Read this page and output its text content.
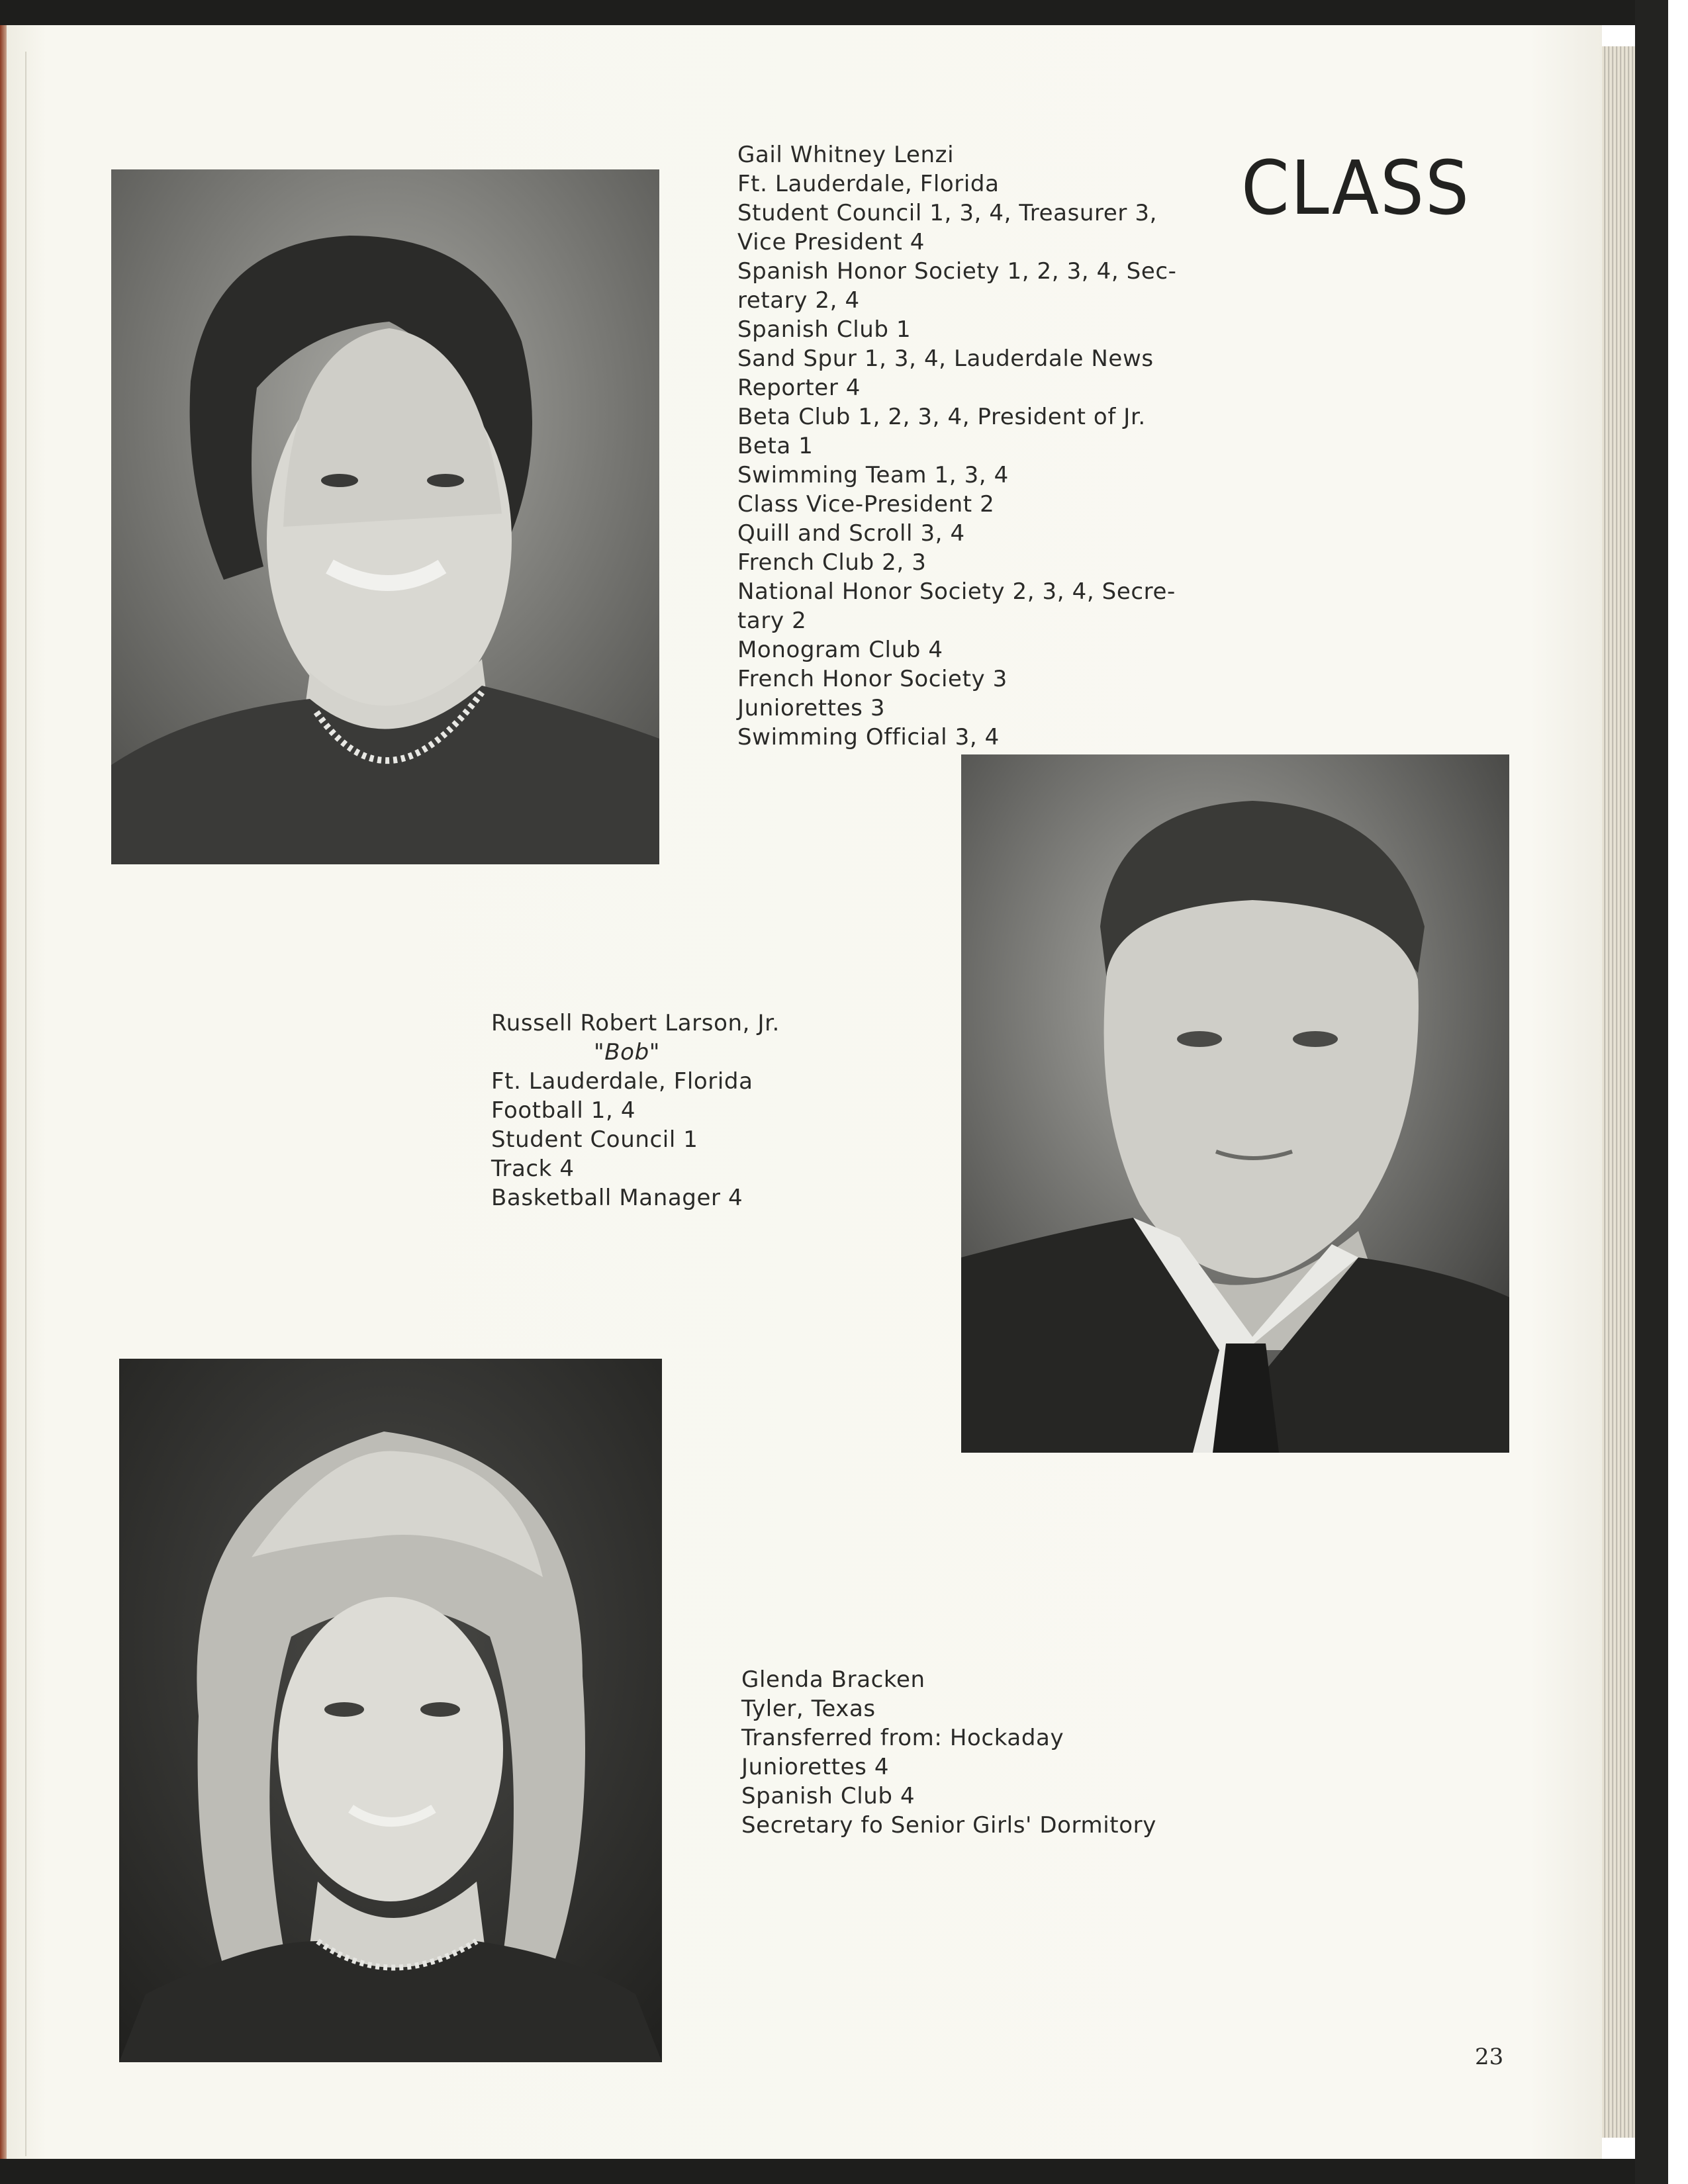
CLASS
Gail Whitney Lenzi
Ft. Lauderdale, Florida
Student Council 1, 3, 4, Treasurer 3,
Vice President 4
Spanish Honor Society 1, 2, 3, 4, Sec-
retary 2, 4
Spanish Club 1
Sand Spur 1, 3, 4, Lauderdale News
Reporter 4
Beta Club 1, 2, 3, 4, President of Jr.
Beta 1
Swimming Team 1, 3, 4
Class Vice-President 2
Quill and Scroll 3, 4
French Club 2, 3
National Honor Society 2, 3, 4, Secre-
tary 2
Monogram Club 4
French Honor Society 3
Juniorettes 3
Swimming Official 3, 4
Russell Robert Larson, Jr.
"Bob"
Ft. Lauderdale, Florida
Football 1, 4
Student Council 1
Track 4
Basketball Manager 4
Glenda Bracken
Tyler, Texas
Transferred from: Hockaday
Juniorettes 4
Spanish Club 4
Secretary fo Senior Girls' Dormitory
23
